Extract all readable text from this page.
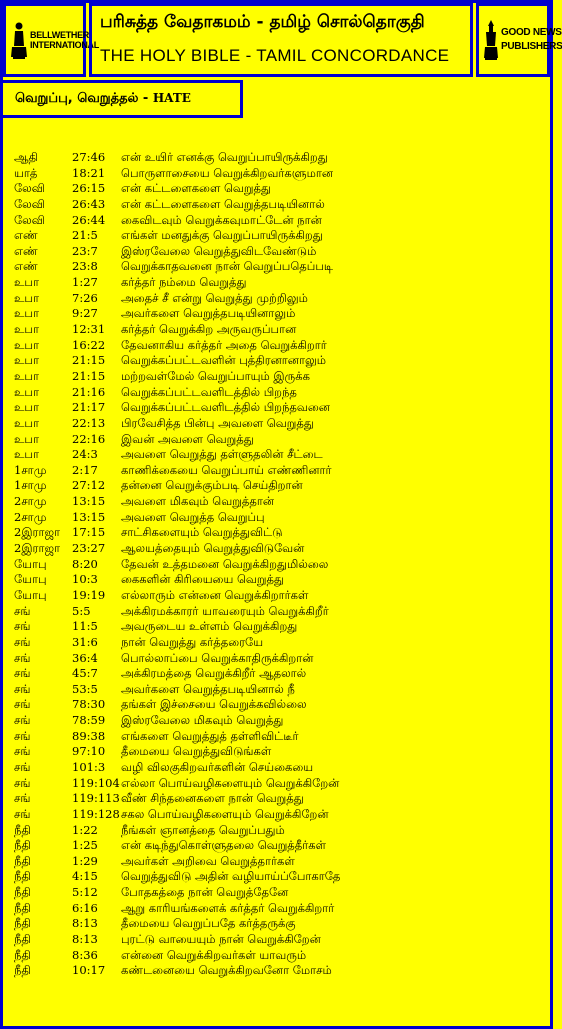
BELLWETHER
INTERNATIONAL
பரிசுத்த வேதாகமம் - தமிழ் சொல்தொகுதி
THE HOLY BIBLE - TAMIL CONCORDANCE
GOOD NEWS
PUBLISHERS
வெறுப்பு, வெறுத்தல் - HATE
ஆதி	27:46 என் உயிர் எனக்கு வெறுப்பாயிருக்கிறது
யாத்	18:21 பொருளாசையை வெறுக்கிறவர்களுமான
லேவி 26:15 என் கட்டளைகளை வெறுத்து
லேவி 26:43 என் கட்டளைகளை வெறுத்தபடியினால்
லேவி 26:44 கைவிடவும் வெறுக்கவுமாட்டேன் நான்
எண்	21:5 எங்கள் மனதுக்கு வெறுப்பாயிருக்கிறது
எண்	23:7 இஸ்ரவேலை வெறுத்துவிடவேண்டும்
எண்	23:8 வெறுக்காதவனை நான் வெறுப்பதெப்படி
உபா	1:27 கர்த்தர் நம்மை வெறுத்து
உபா	7:26 அதைச் சீ என்று வெறுத்து முற்றிலும்
உபா	9:27 அவர்களை வெறுத்தபடியினாலும்
உபா	12:31 கர்த்தர் வெறுக்கிற அருவருப்பான
உபா	16:22 தேவனாகிய கர்த்தர் அதை வெறுக்கிறார்
உபா	21:15 வெறுக்கப்பட்டவளின் புத்திரனானாலும்
உபா	21:15 மற்றவள்மேல் வெறுப்பாயும் இருக்க
உபா	21:16 வெறுக்கப்பட்டவளிடத்தில் பிறந்த
உபா	21:17 வெறுக்கப்பட்டவளிடத்தில் பிறந்தவனை
உபா	22:13 பிரவேசித்த பின்பு அவளை வெறுத்து
உபா	22:16 இவன் அவளை வெறுத்து
உபா	24:3 அவளை வெறுத்து தள்ளுதலின் சீட்டை
1சாமு 2:17 காணிக்கையை வெறுப்பாய் எண்ணினார்
1சாமு 27:12 தன்னை வெறுக்கும்படி செய்திறான்
2சாமு 13:15 அவளை மிகவும் வெறுத்தான்
2சாமு 13:15 அவளை வெறுத்த வெறுப்பு
2இராஜா 17:15 சாட்சிகளையும் வெறுத்துவிட்டு
2இராஜா 23:27 ஆலயத்தையும் வெறுத்துவிடுவேன்
யோபு 8:20 தேவன் உத்தமனை வெறுக்கிறதுமில்லை
யோபு 10:3 கைகளின் கிரியையை வெறுத்து
யோபு 19:19 எல்லாரும் என்னை வெறுக்கிறார்கள்
சங்	5:5	அக்கிரமக்காரர் யாவரையும் வெறுக்கிறீர்
சங்	11:5 அவருடைய உள்ளம் வெறுக்கிறது
சங்	31:6 நான் வெறுத்து கர்த்தரையே
சங்	36:4 பொல்லாப்பை வெறுக்காதிருக்கிறான்
சங்	45:7 அக்கிரமத்தை வெறுக்கிறீர் ஆதலால்
சங்	53:5 அவர்களை வெறுத்தபடியினால் நீ
சங்	78:30 தங்கள் இச்சையை வெறுக்கவில்லை
சங்	78:59 இஸ்ரவேலை மிகவும் வெறுத்து
சங்	89:38 எங்களை வெறுத்துத் தள்ளிவிட்டீர்
சங்	97:10 தீமையை வெறுத்துவிடுங்கள்
சங்	101:3 வழி விலகுகிறவர்களின் செய்கையை
சங்	119:104 எல்லா பொய்வழிகளையும் வெறுக்கிறேன்
சங்	119:113 வீண் சிந்தனைகளை நான் வெறுத்து
சங்	119:128 சகல பொய்வழிகளையும் வெறுக்கிறேன்
நீதி	1:22 நீங்கள் ஞானத்தை வெறுப்பதும்
நீதி	1:25 என் கடிந்துகொள்ளுதலை வெறுத்தீர்கள்
நீதி	1:29 அவர்கள் அறிவை வெறுத்தார்கள்
நீதி	4:15 வெறுத்துவிடு அதின் வழியாய்ப்போகாதே
நீதி	5:12 போதகத்தை நான் வெறுத்தேனே
நீதி	6:16 ஆறு காரியங்களைக் கர்த்தர் வெறுக்கிறார்
நீதி	8:13 தீமையை வெறுப்பதே கர்த்தருக்கு
நீதி	8:13 புரட்டு வாயையும் நான் வெறுக்கிறேன்
நீதி	8:36 என்னை வெறுக்கிறவர்கள் யாவரும்
நீதி	10:17 கண்டனையை வெறுக்கிறவனோ மோசம்
